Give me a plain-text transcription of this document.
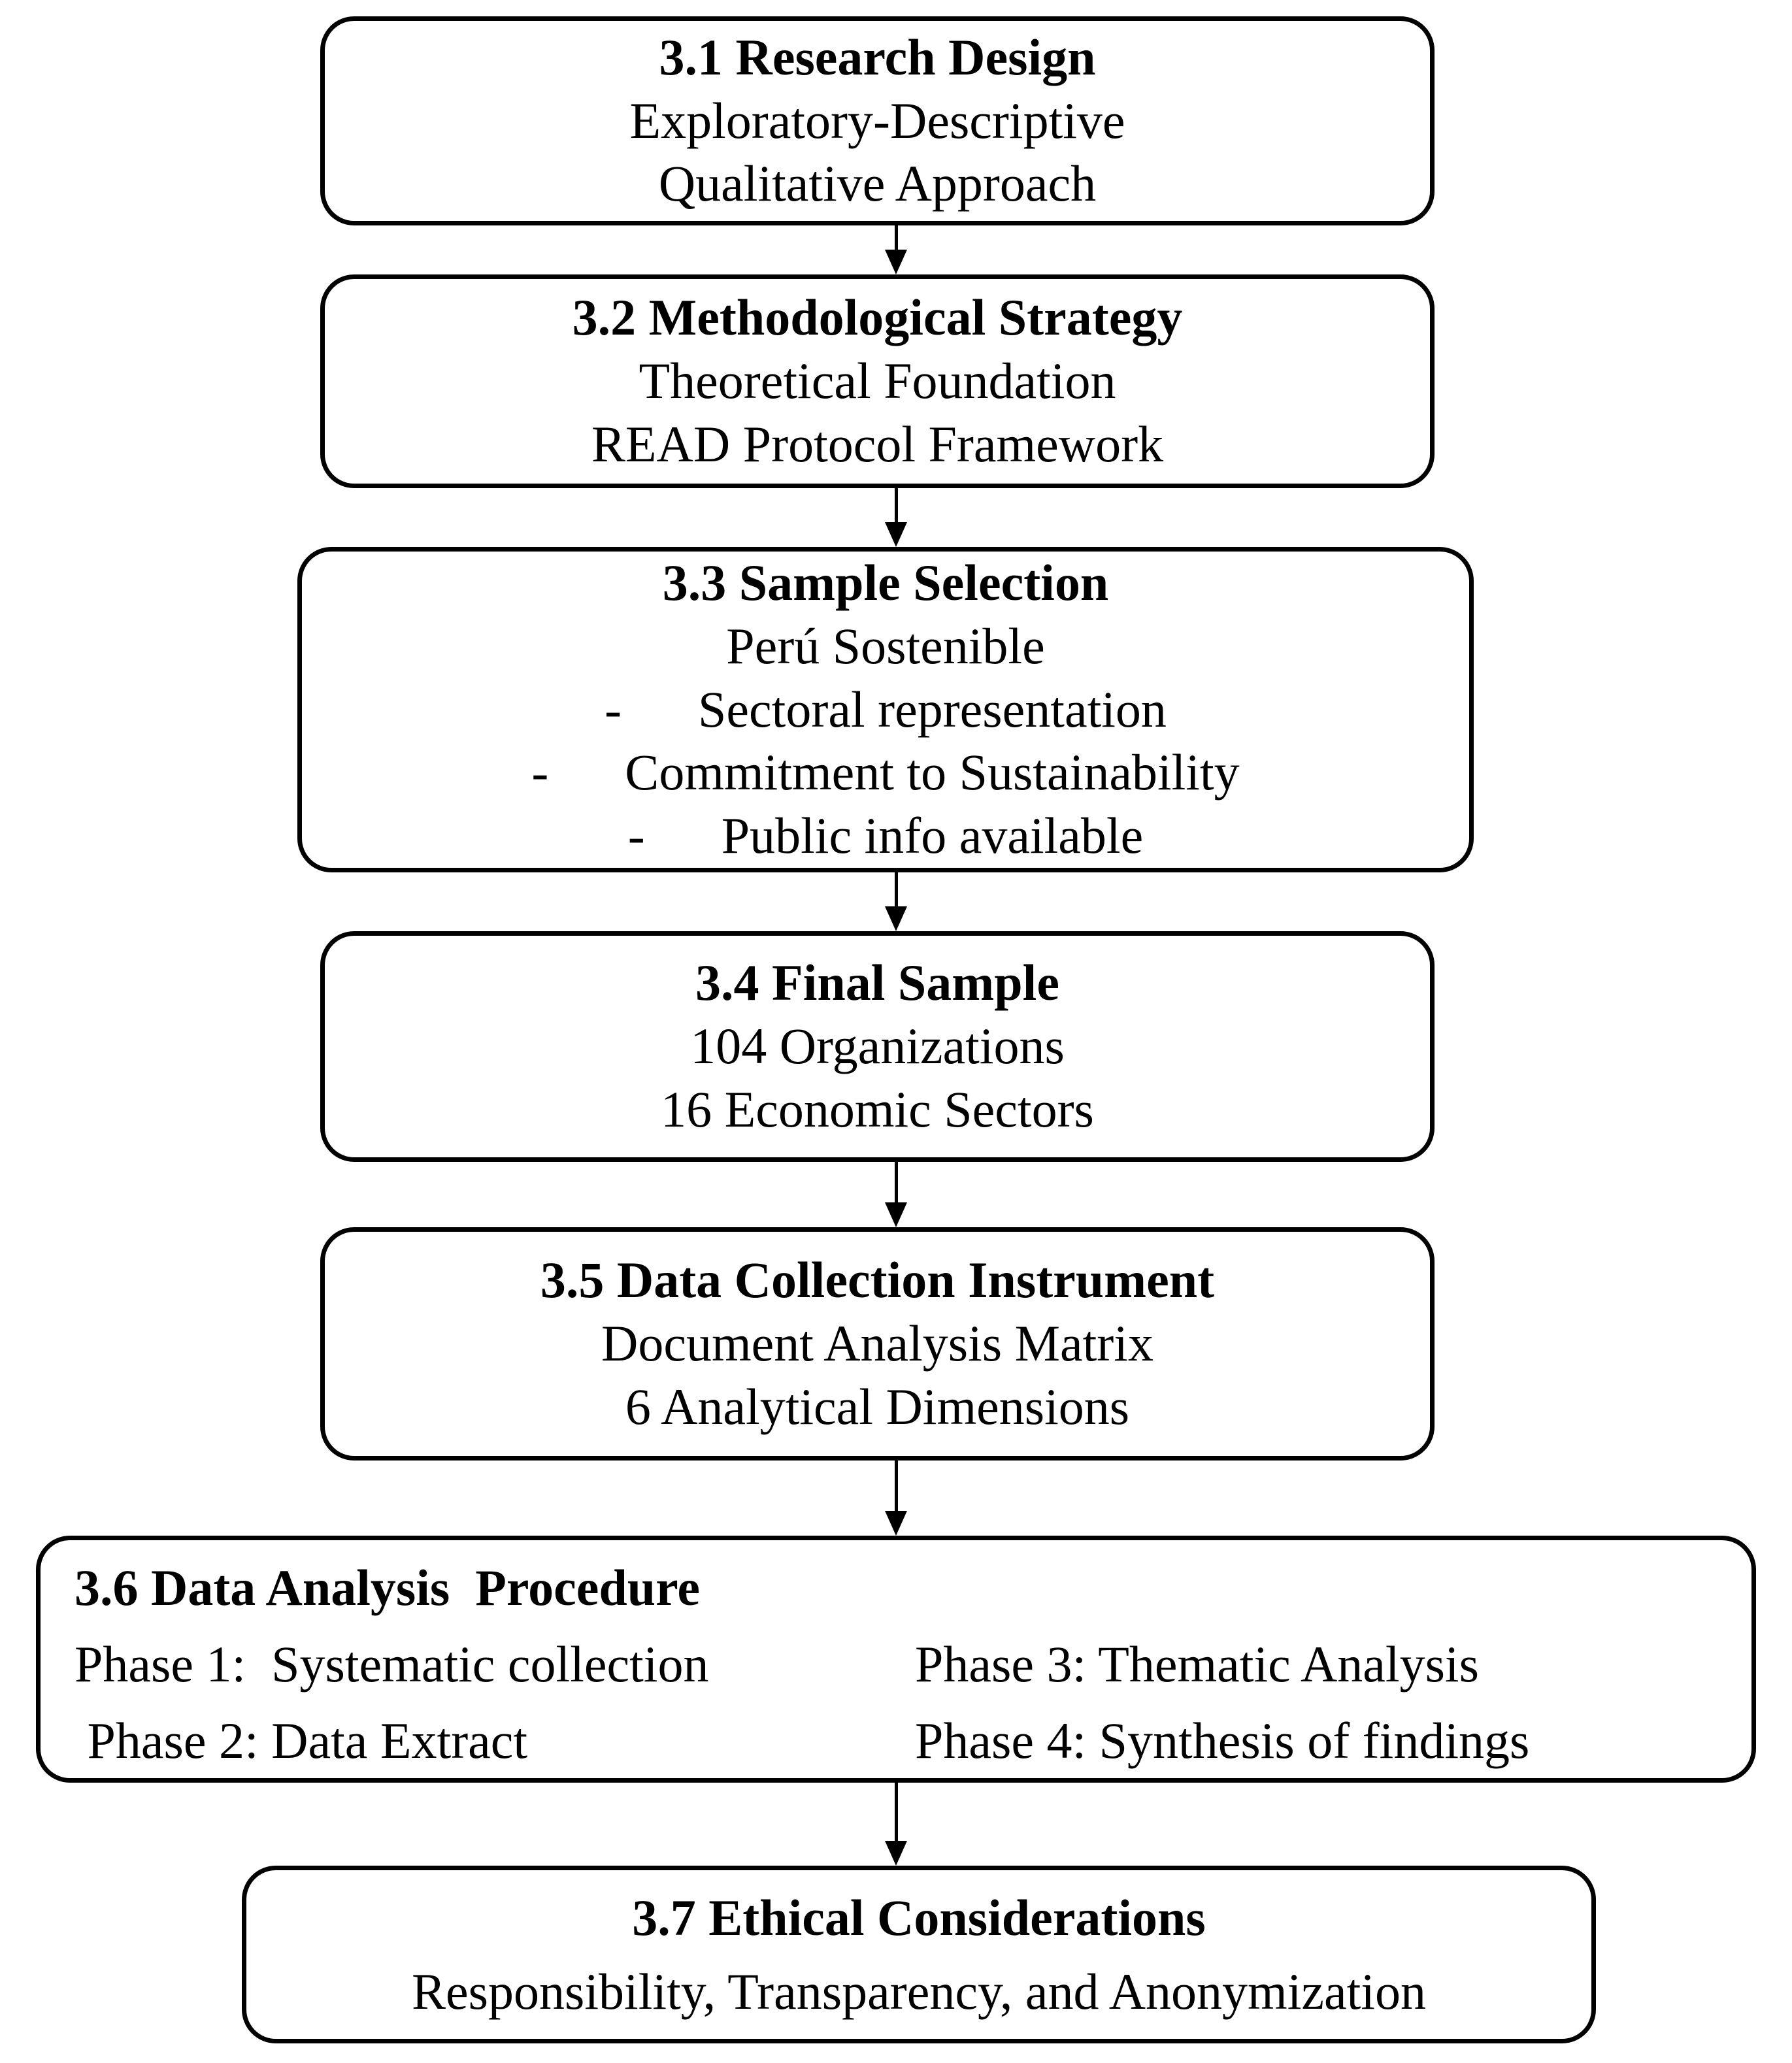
3.1 Research Design
Exploratory-Descriptive
Qualitative Approach
3.2 Methodological Strategy
Theoretical Foundation
READ Protocol Framework
3.3 Sample Selection
Perú Sostenible
-      Sectoral representation
-      Commitment to Sustainability
-      Public info available
3.4 Final Sample
104 Organizations
16 Economic Sectors
3.5 Data Collection Instrument
Document Analysis Matrix
6 Analytical Dimensions
3.6 Data Analysis  Procedure
Phase 1:  Systematic collection
Phase 2: Data Extract
Phase 3: Thematic Analysis
Phase 4: Synthesis of findings
3.7 Ethical Considerations
Responsibility, Transparency, and Anonymization
